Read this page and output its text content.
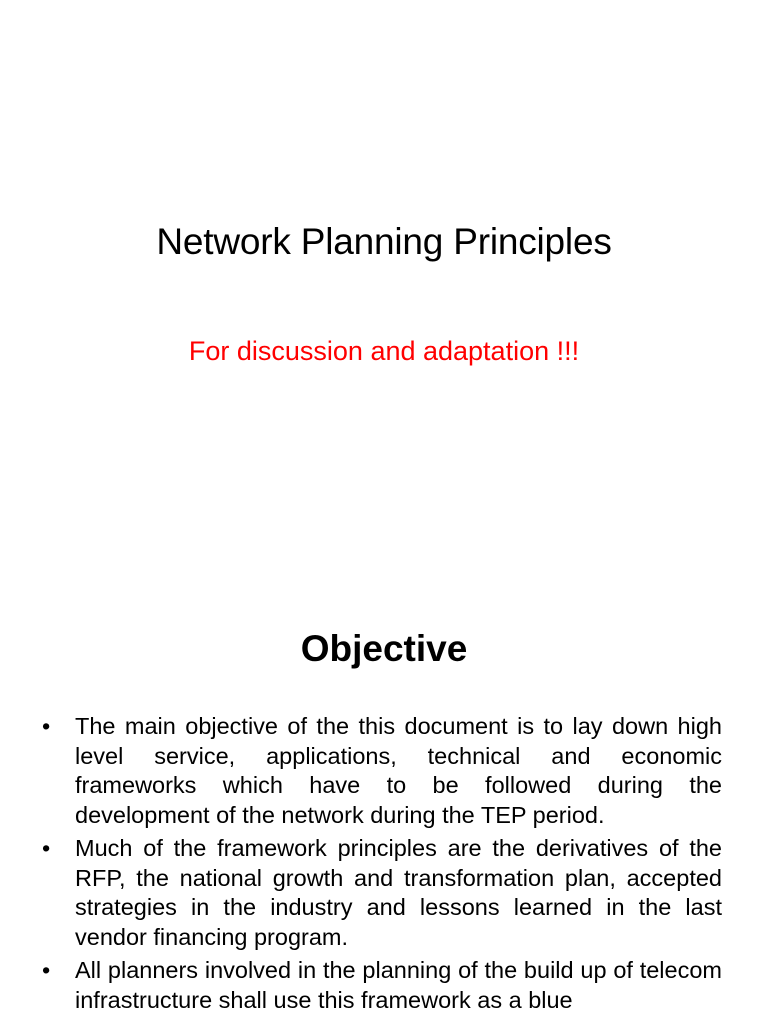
Network Planning Principles
For discussion and adaptation !!!
Objective
•	The main objective of the this document is to lay down high level service, applications, technical and economic frameworks which have to be followed during the development of the network during the TEP period.
•	Much of the framework principles are the derivatives of the RFP, the national growth and transformation plan, accepted strategies in the industry and lessons learned in the last vendor financing program.
•	All planners involved in the planning of the build up of telecom infrastructure shall use this framework as a blue
